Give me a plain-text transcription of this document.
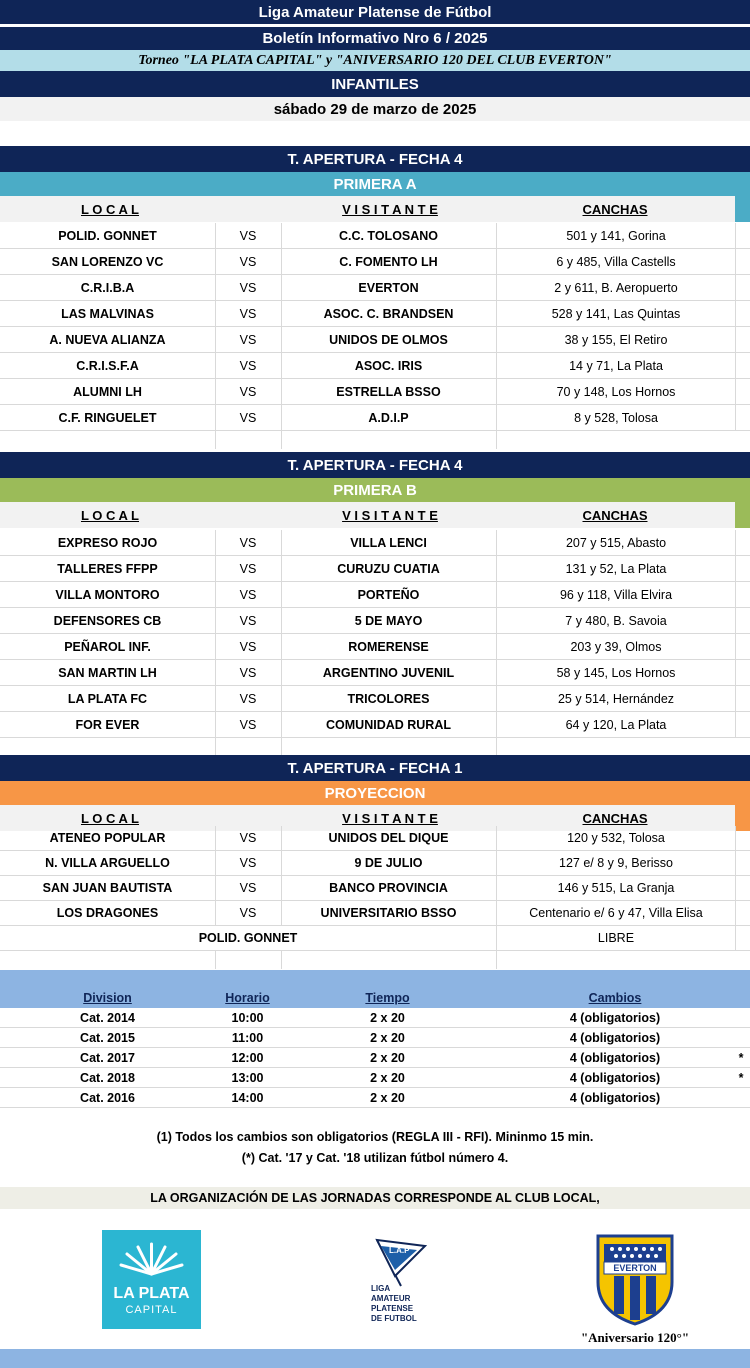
Liga Amateur Platense de Fútbol
Boletín Informativo Nro 6 / 2025
Torneo "LA PLATA CAPITAL" y "ANIVERSARIO 120 DEL CLUB EVERTON"
INFANTILES
sábado 29 de marzo de 2025
T. APERTURA - FECHA 4
PRIMERA A
L O C A L	V I S I T A N T E	CANCHAS
POLID. GONNET	VS	C.C. TOLOSANO	501 y 141, Gorina
SAN LORENZO VC	VS	C. FOMENTO LH	6 y 485, Villa Castells
C.R.I.B.A	VS	EVERTON	2 y 611, B. Aeropuerto
LAS MALVINAS	VS	ASOC. C. BRANDSEN	528 y 141, Las Quintas
A. NUEVA ALIANZA	VS	UNIDOS DE OLMOS	38 y 155, El Retiro
C.R.I.S.F.A	VS	ASOC. IRIS	14 y 71, La Plata
ALUMNI LH	VS	ESTRELLA BSSO	70 y 148, Los Hornos
C.F. RINGUELET	VS	A.D.I.P	8 y 528, Tolosa
T. APERTURA - FECHA 4
PRIMERA B
L O C A L	V I S I T A N T E	CANCHAS
EXPRESO ROJO	VS	VILLA LENCI	207 y 515, Abasto
TALLERES FFPP	VS	CURUZU CUATIA	131 y 52, La Plata
VILLA MONTORO	VS	PORTEÑO	96 y 118, Villa Elvira
DEFENSORES CB	VS	5 DE MAYO	7 y 480, B. Savoia
PEÑAROL INF.	VS	ROMERENSE	203 y 39, Olmos
SAN MARTIN LH	VS	ARGENTINO JUVENIL	58 y 145, Los Hornos
LA PLATA FC	VS	TRICOLORES	25 y 514, Hernández
FOR EVER	VS	COMUNIDAD RURAL	64 y 120, La Plata
T. APERTURA - FECHA 1
PROYECCION
L O C A L	V I S I T A N T E	CANCHAS
ATENEO POPULAR	VS	UNIDOS DEL DIQUE	120 y 532, Tolosa
N. VILLA ARGUELLO	VS	9 DE JULIO	127 e/ 8 y 9, Berisso
SAN JUAN BAUTISTA	VS	BANCO PROVINCIA	146 y 515, La Granja
LOS DRAGONES	VS	UNIVERSITARIO BSSO	Centenario e/ 6 y 47, Villa Elisa
POLID. GONNET	LIBRE
Division	Horario	Tiempo	Cambios
Cat. 2014	10:00	2 x 20	4 (obligatorios)
Cat. 2015	11:00	2 x 20	4 (obligatorios)
Cat. 2017	12:00	2 x 20	4 (obligatorios)	*
Cat. 2018	13:00	2 x 20	4 (obligatorios)	*
Cat. 2016	14:00	2 x 20	4 (obligatorios)
(1) Todos los cambios son obligatorios (REGLA III - RFI). Mininmo 15 min.
(*) Cat. '17 y Cat. '18 utilizan fútbol número 4.
LA ORGANIZACIÓN DE LAS JORNADAS CORRESPONDE AL CLUB LOCAL,
LA PLATA
CAPITAL
L.A.P
LIGA
AMATEUR
PLATENSE
DE FUTBOL
EVERTON
"Aniversario 120°"
